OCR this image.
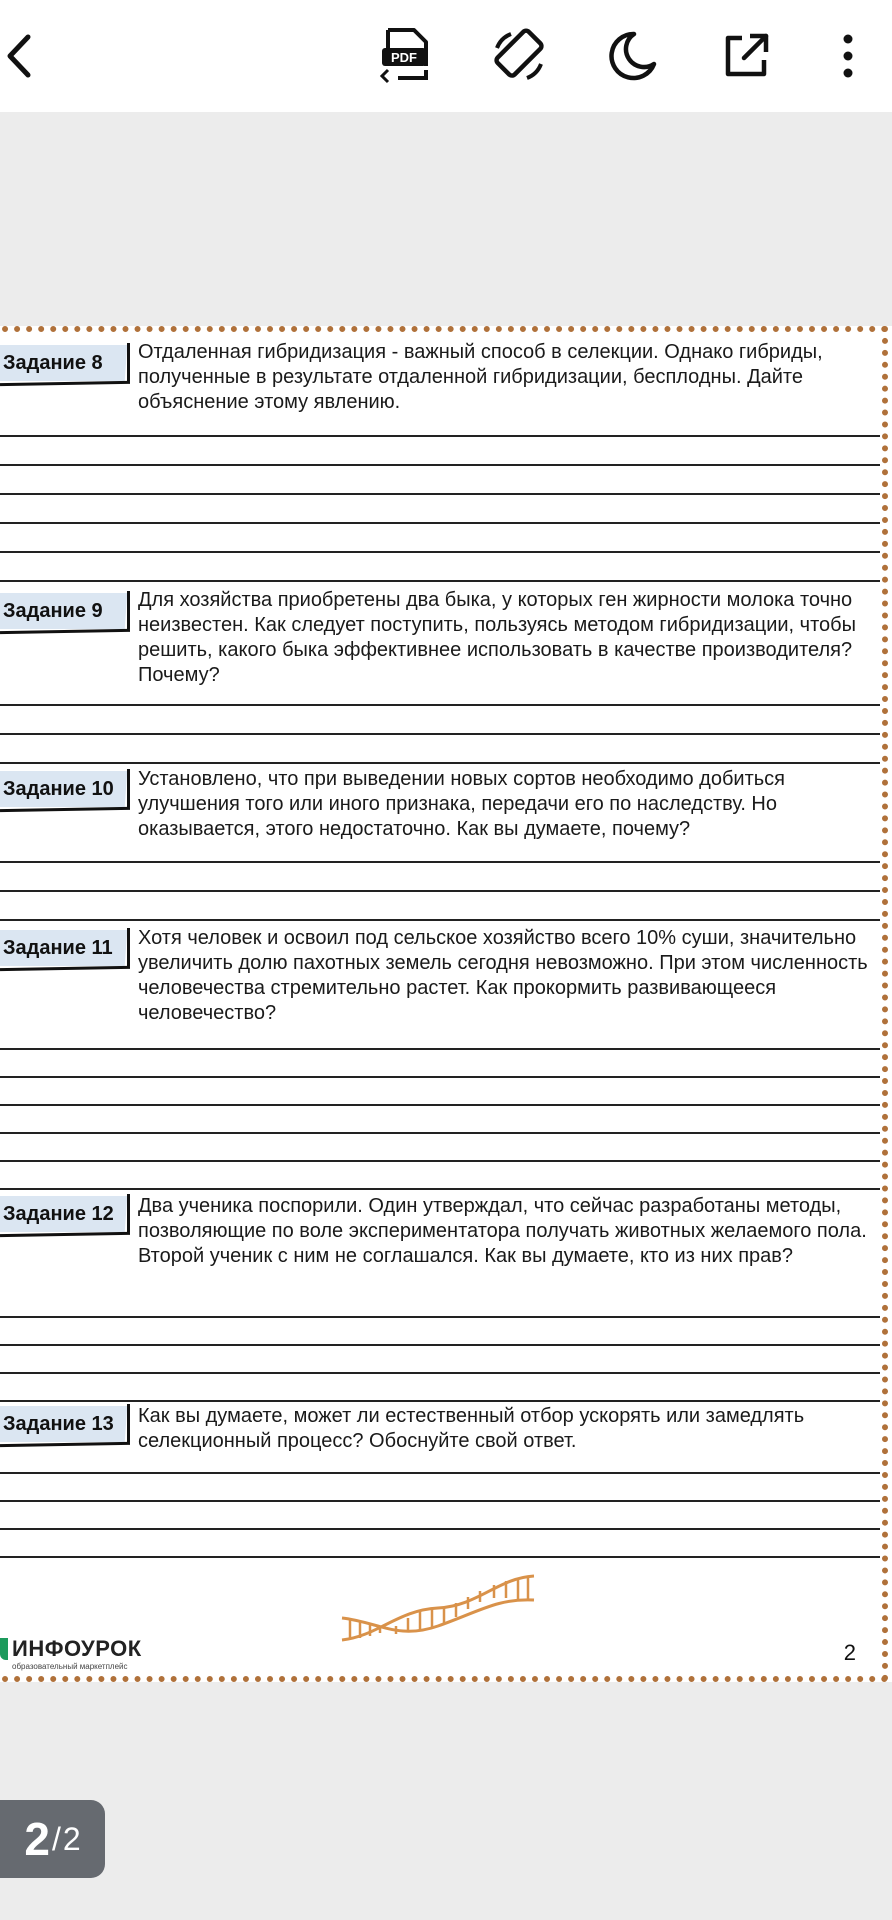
PDF
Задание 8 Отдаленная гибридизация - важный способ в селекции. Однако гибриды, полученные в результате отдаленной гибридизации, бесплодны. Дайте объяснение этому явлению.
Задание 9 Для хозяйства приобретены два быка, у которых ген жирности молока точно неизвестен. Как следует поступить, пользуясь методом гибридизации, чтобы решить, какого быка эффективнее использовать в качестве производителя? Почему?
Задание 10 Установлено, что при выведении новых сортов необходимо добиться улучшения того или иного признака, передачи его по наследству. Но оказывается, этого недостаточно. Как вы думаете, почему?
Задание 11 Хотя человек и освоил под сельское хозяйство всего 10% суши, значительно увеличить долю пахотных земель сегодня невозможно. При этом численность человечества стремительно растет. Как прокормить развивающееся человечество?
Задание 12 Два ученика поспорили. Один утверждал, что сейчас разработаны методы, позволяющие по воле экспериментатора получать животных желаемого пола. Второй ученик с ним не соглашался. Как вы думаете, кто из них прав?
Задание 13 Как вы думаете, может ли естественный отбор ускорять или замедлять селекционный процесс? Обоснуйте свой ответ.
ИНФОУРОК
образовательный маркетплейс
2
2 / 2
